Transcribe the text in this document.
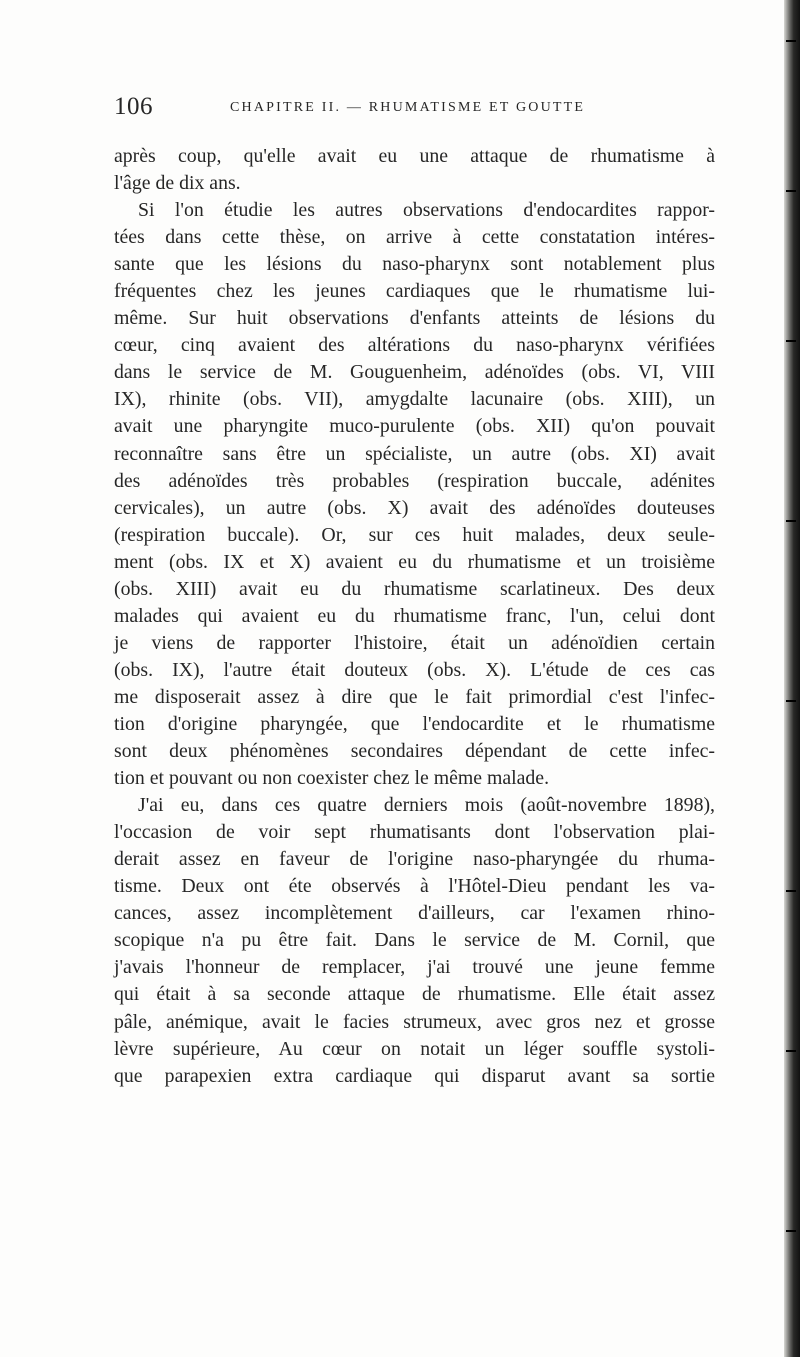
106	CHAPITRE II. — RHUMATISME ET GOUTTE
après coup, qu'elle avait eu une attaque de rhumatisme à
l'âge de dix ans.
Si l'on étudie les autres observations d'endocardites rappor-
tées dans cette thèse, on arrive à cette constatation intéres-
sante que les lésions du naso-pharynx sont notablement plus
fréquentes chez les jeunes cardiaques que le rhumatisme lui-
même. Sur huit observations d'enfants atteints de lésions du
cœur, cinq avaient des altérations du naso-pharynx vérifiées
dans le service de M. Gouguenheim, adénoïdes (obs. VI, VIII
IX), rhinite (obs. VII), amygdalte lacunaire (obs. XIII), un
avait une pharyngite muco-purulente (obs. XII) qu'on pouvait
reconnaître sans être un spécialiste, un autre (obs. XI) avait
des adénoïdes très probables (respiration buccale, adénites
cervicales), un autre (obs. X) avait des adénoïdes douteuses
(respiration buccale). Or, sur ces huit malades, deux seule-
ment (obs. IX et X) avaient eu du rhumatisme et un troisième
(obs. XIII) avait eu du rhumatisme scarlatineux. Des deux
malades qui avaient eu du rhumatisme franc, l'un, celui dont
je viens de rapporter l'histoire, était un adénoïdien certain
(obs. IX), l'autre était douteux (obs. X). L'étude de ces cas
me disposerait assez à dire que le fait primordial c'est l'infec-
tion d'origine pharyngée, que l'endocardite et le rhumatisme
sont deux phénomènes secondaires dépendant de cette infec-
tion et pouvant ou non coexister chez le même malade.
J'ai eu, dans ces quatre derniers mois (août-novembre 1898),
l'occasion de voir sept rhumatisants dont l'observation plai-
derait assez en faveur de l'origine naso-pharyngée du rhuma-
tisme. Deux ont éte observés à l'Hôtel-Dieu pendant les va-
cances, assez incomplètement d'ailleurs, car l'examen rhino-
scopique n'a pu être fait. Dans le service de M. Cornil, que
j'avais l'honneur de remplacer, j'ai trouvé une jeune femme
qui était à sa seconde attaque de rhumatisme. Elle était assez
pâle, anémique, avait le facies strumeux, avec gros nez et grosse
lèvre supérieure, Au cœur on notait un léger souffle systoli-
que parapexien extra cardiaque qui disparut avant sa sortie
